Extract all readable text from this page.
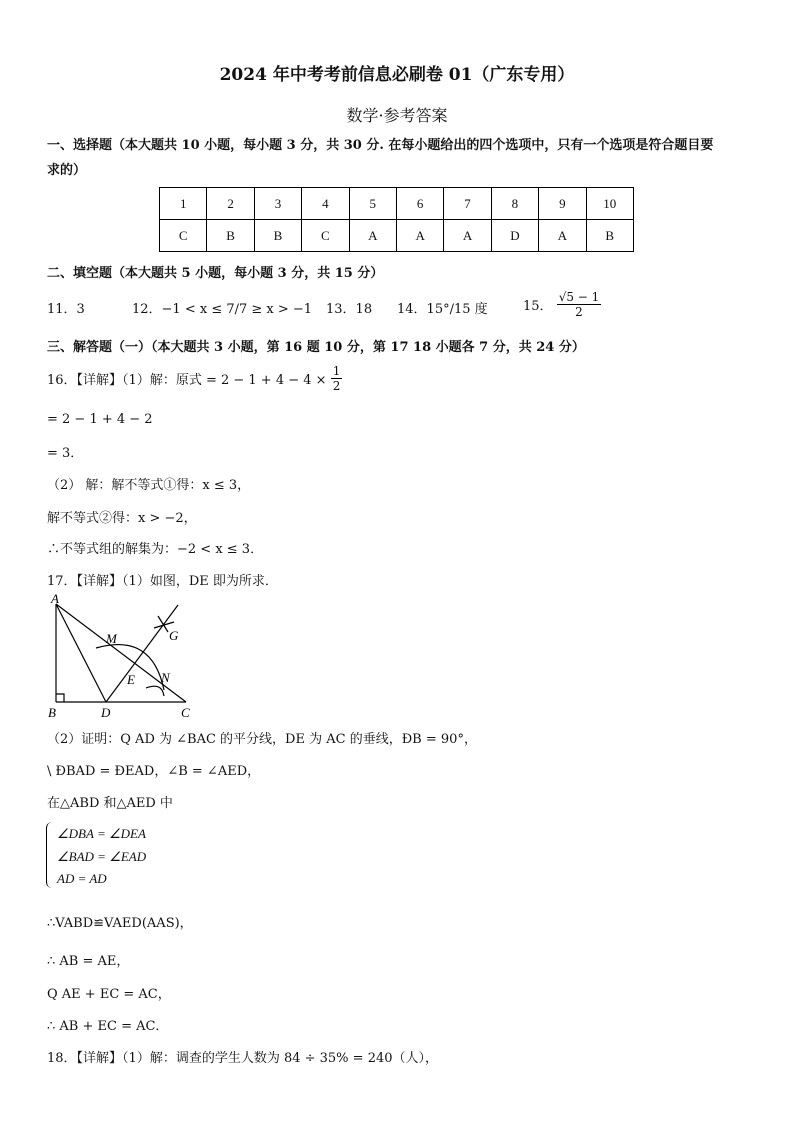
2024 年中考考前信息必刷卷 01（广东专用）
数学·参考答案
一、选择题（本大题共 10 小题，每小题 3 分，共 30 分. 在每小题给出的四个选项中，只有一个选项是符合题目要
求的）
1	2	3	4	5	6	7	8	9	10
C	B	B	C	A	A	A	D	A	B
二、填空题（本大题共 5 小题，每小题 3 分，共 15 分）
11．3	12．−1 < x ≤ 7/7 ≥ x > −1 13．18 14．15°/15 度	15． $\frac{√5 - 1}{2}$
三、解答题（一）（本大题共 3 小题，第 16 题 10 分，第 17 18 小题各 7 分，共 24 分）
16．【详解】（1）解：原式 = $2 - 1 + 4 - 4 \times \frac{1}{2}$
= 2 − 1 + 4 − 2
= 3．
（2） 解：解不等式①得：x ≤ 3，
解不等式②得：x > −2，
∴不等式组的解集为：−2 < x ≤ 3．
17．【详解】（1）如图，DE 即为所求．
A
B	C
D
E
M
N
G
（2）证明：Q AD 为 ∠BAC 的平分线，DE 为 AC 的垂线，ÐB = 90°，
\ ÐBAD = ÐEAD，∠B = ∠AED，
在△ABD 和△AED 中
∠DBA = ∠DEA
∠BAD = ∠EAD
AD = AD
∴VABD≌VAED(AAS)，
∴ AB = AE，
Q AE + EC = AC，
∴ AB + EC = AC．
18．【详解】（1）解：调查的学生人数为 84 ÷ 35% = 240（人），
